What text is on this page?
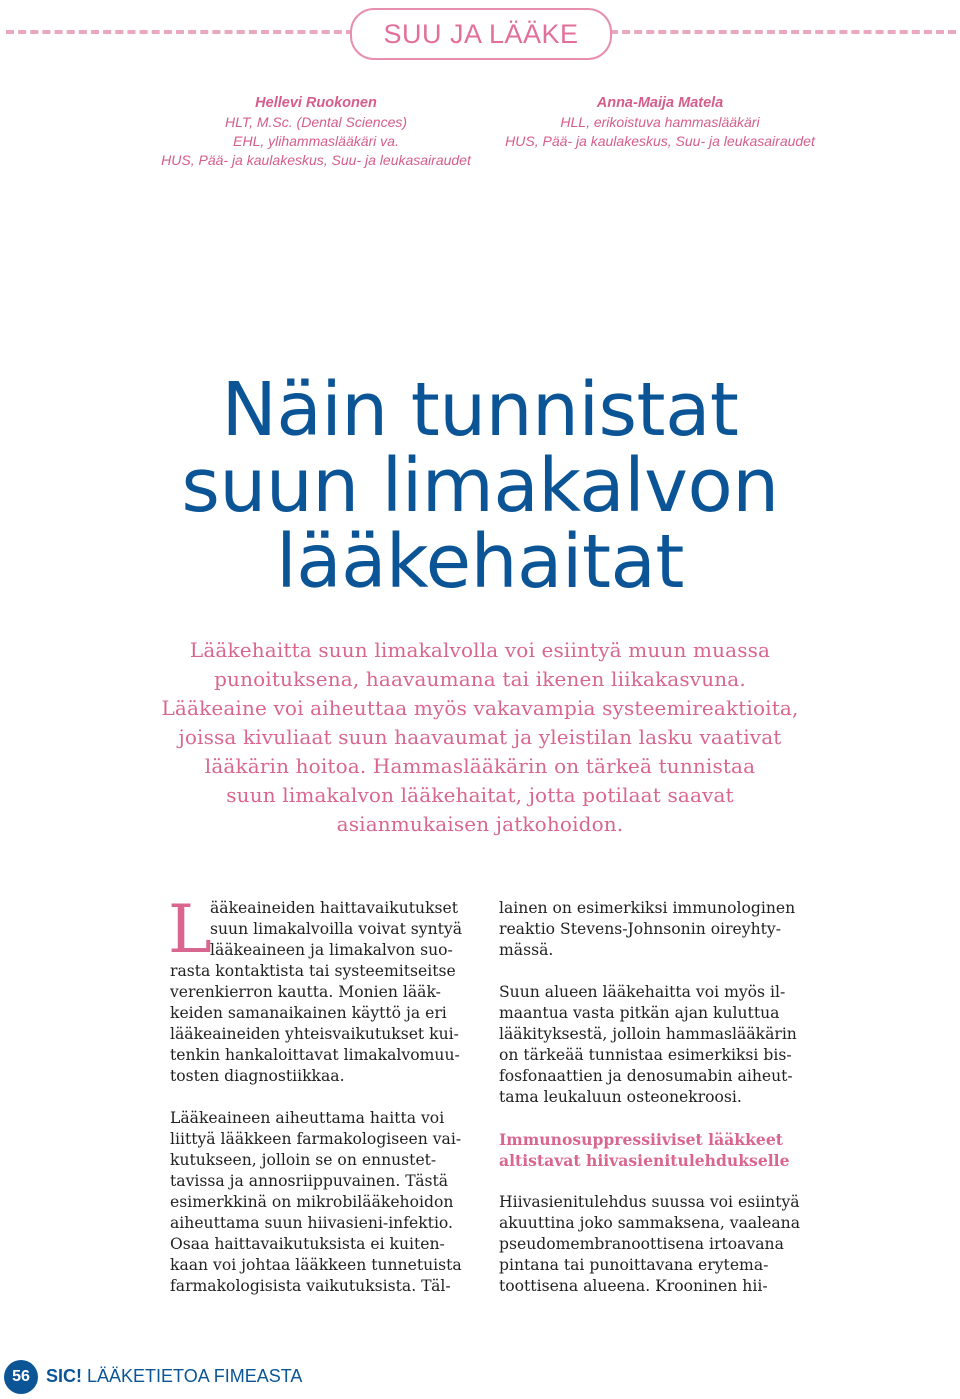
SUU JA LÄÄKE
Hellevi Ruokonen
HLT, M.Sc. (Dental Sciences)
EHL, ylihammaslääkäri va.
HUS, Pää- ja kaulakeskus, Suu- ja leukasairaudet
Anna-Maija Matela
HLL, erikoistuva hammaslääkäri
HUS, Pää- ja kaulakeskus, Suu- ja leukasairaudet
Näin tunnistat
suun limakalvon
lääkehaitat
Lääkehaitta suun limakalvolla voi esiintyä muun muassa
punoituksena, haavaumana tai ikenen liikakasvuna.
Lääkeaine voi aiheuttaa myös vakavampia systeemireaktioita,
joissa kivuliaat suun haavaumat ja yleistilan lasku vaativat
lääkärin hoitoa. Hammaslääkärin on tärkeä tunnistaa
suun limakalvon lääkehaitat, jotta potilaat saavat
asianmukaisen jatkohoidon.

L
ääkeaineiden haittavaikutukset
suun limakalvoilla voivat syntyä
lääkeaineen ja limakalvon suo-
rasta kontaktista tai systeemitseitse
verenkierron kautta. Monien lääk-
keiden samanaikainen käyttö ja eri
lääkeaineiden yhteisvaikutukset kui-
tenkin hankaloittavat limakalvomuu-
tosten diagnostiikkaa.

Lääkeaineen aiheuttama haitta voi
liittyä lääkkeen farmakologiseen vai-
kutukseen, jolloin se on ennustet-
tavissa ja annosriippuvainen. Tästä
esimerkkinä on mikrobilääkehoidon
aiheuttama suun hiivasieni-infektio.
Osaa haittavaikutuksista ei kuiten-
kaan voi johtaa lääkkeen tunnetuista
farmakologisista vaikutuksista. Täl-

lainen on esimerkiksi immunologinen
reaktio Stevens-Johnsonin oireyhty-
mässä.

Suun alueen lääkehaitta voi myös il-
maantua vasta pitkän ajan kuluttua
lääkityksestä, jolloin hammaslääkärin
on tärkeää tunnistaa esimerkiksi bis-
fosfonaattien ja denosumabin aiheut-
tama leukaluun osteonekroosi.

Immunosuppressiiviset lääkkeet
altistavat hiivasienitulehdukselle

Hiivasienitulehdus suussa voi esiintyä
akuuttina joko sammaksena, vaaleana
pseudomembranoottisena irtoavana
pintana tai punoittavana erytema-
toottisena alueena. Krooninen hii-

56 SIC! LÄÄKETIETOA FIMEASTA
